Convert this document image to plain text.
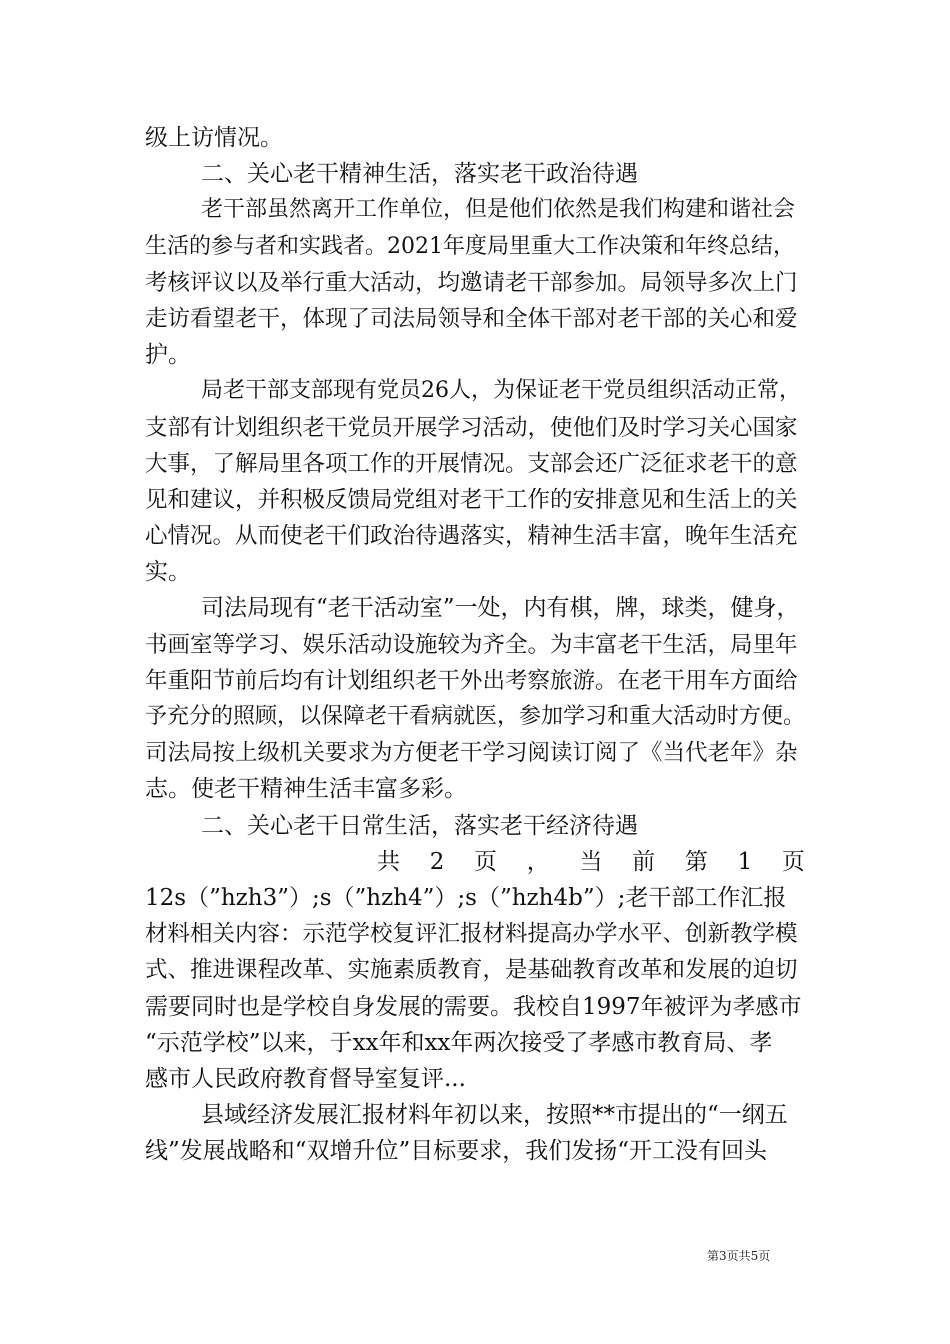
级上访情况。
二、关心老干精神生活，落实老干政治待遇
老干部虽然离开工作单位，但是他们依然是我们构建和谐社会
生活的参与者和实践者。2021年度局里重大工作决策和年终总结，
考核评议以及举行重大活动，均邀请老干部参加。局领导多次上门
走访看望老干，体现了司法局领导和全体干部对老干部的关心和爱
护。
局老干部支部现有党员26人，为保证老干党员组织活动正常，
支部有计划组织老干党员开展学习活动，使他们及时学习关心国家
大事，了解局里各项工作的开展情况。支部会还广泛征求老干的意
见和建议，并积极反馈局党组对老干工作的安排意见和生活上的关
心情况。从而使老干们政治待遇落实，精神生活丰富，晚年生活充
实。
司法局现有“老干活动室”一处，内有棋，牌，球类，健身，
书画室等学习、娱乐活动设施较为齐全。为丰富老干生活，局里年
年重阳节前后均有计划组织老干外出考察旅游。在老干用车方面给
予充分的照顾，以保障老干看病就医，参加学习和重大活动时方便。
司法局按上级机关要求为方便老干学习阅读订阅了《当代老年》杂
志。使老干精神生活丰富多彩。
二、关心老干日常生活，落实老干经济待遇
共 2 页 ， 当 前 第 1 页
12s（”hzh3”）;s（”hzh4”）;s（”hzh4b”）;老干部工作汇报
材料相关内容：示范学校复评汇报材料提高办学水平、创新教学模
式、推进课程改革、实施素质教育，是基础教育改革和发展的迫切
需要同时也是学校自身发展的需要。我校自1997年被评为孝感市
“示范学校”以来，于xx年和xx年两次接受了孝感市教育局、孝
感市人民政府教育督导室复评...
县域经济发展汇报材料年初以来，按照**市提出的“一纲五
线”发展战略和“双增升位”目标要求，我们发扬“开工没有回头
第3页共5页
